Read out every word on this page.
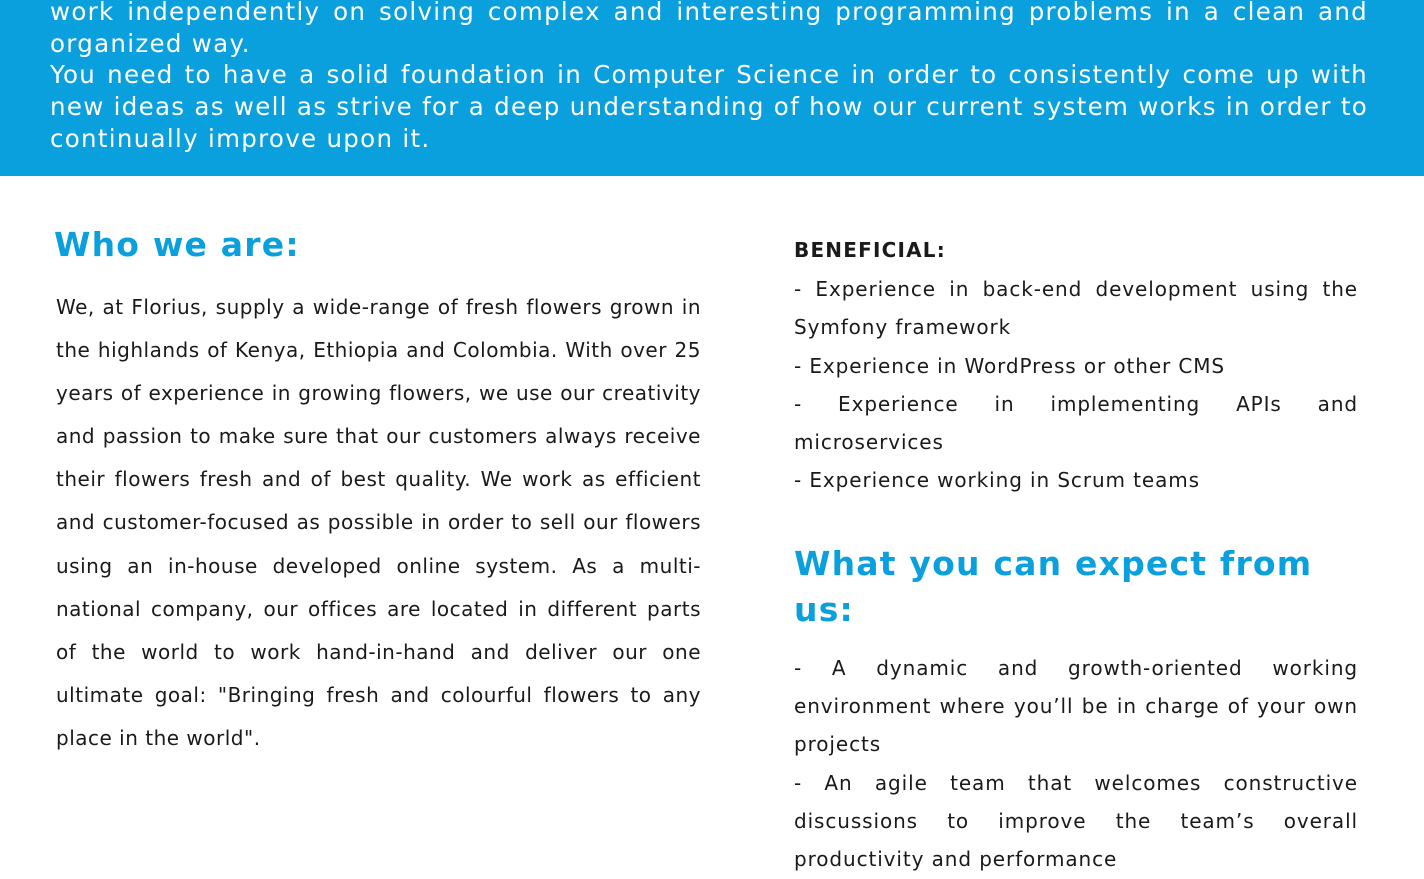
work independently on solving complex and interesting programming problems in a clean and organized way.

You need to have a solid foundation in Computer Science in order to consistently come up with new ideas as well as strive for a deep understanding of how our current system works in order to continually improve upon it.

Who we are:

We, at Florius, supply a wide-range of fresh flowers grown in the highlands of Kenya, Ethiopia and Colombia. With over 25 years of experience in growing flowers, we use our creativity and passion to make sure that our customers always receive their flowers fresh and of best quality. We work as efficient and customer-focused as possible in order to sell our flowers using an in-house developed online system. As a multi-national company, our offices are located in different parts of the world to work hand-in-hand and deliver our one ultimate goal: "Bringing fresh and colourful flowers to any place in the world".

BENEFICIAL:
- Experience in back-end development using the Symfony framework
- Experience in WordPress or other CMS
- Experience in implementing APIs and microservices
- Experience working in Scrum teams
What you can expect from us:
- A dynamic and growth-oriented working environment where you’ll be in charge of your own projects
- An agile team that welcomes constructive discussions to improve the team’s overall productivity and performance
